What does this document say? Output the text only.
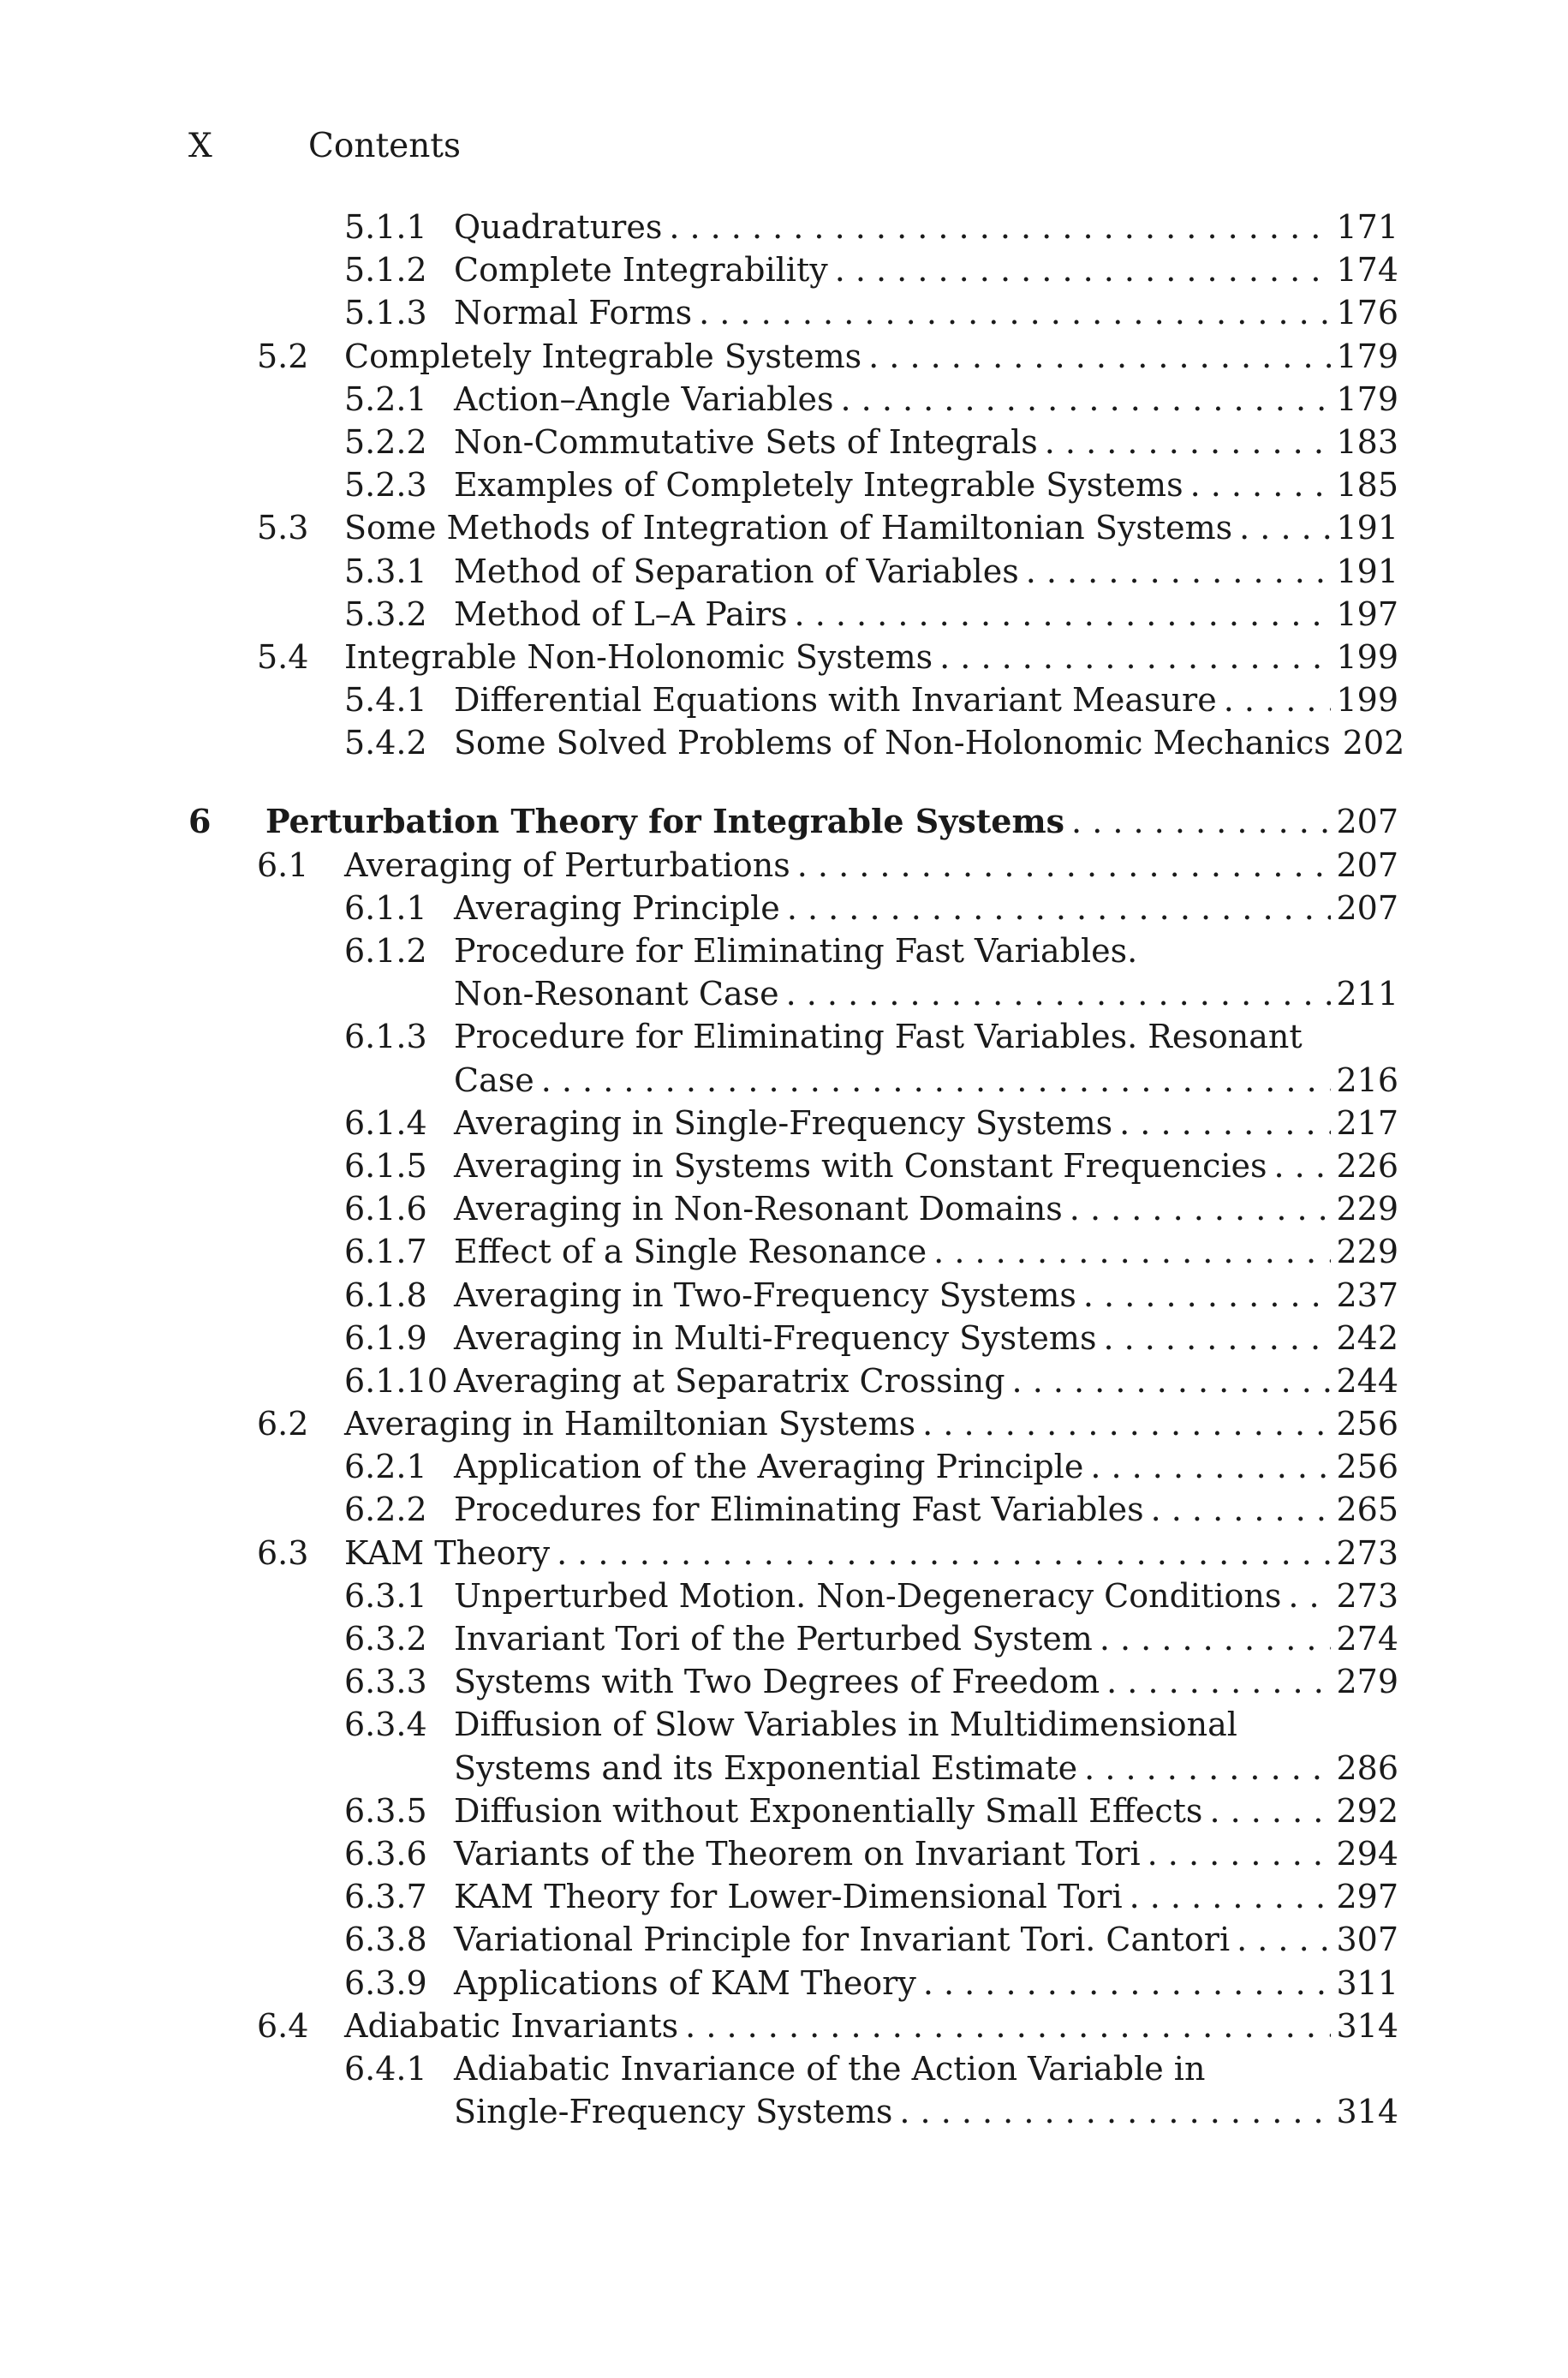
X	Contents
5.1.1 Quadratures . . .	171
5.1.2 Complete Integrability . . .	174
5.1.3 Normal Forms . . .	176
5.2 Completely Integrable Systems . . .	179
5.2.1 Action–Angle Variables . . .	179
5.2.2 Non-Commutative Sets of Integrals . . .	183
5.2.3 Examples of Completely Integrable Systems . . .	185
5.3 Some Methods of Integration of Hamiltonian Systems . . .	191
5.3.1 Method of Separation of Variables . . .	191
5.3.2 Method of L–A Pairs . . .	197
5.4 Integrable Non-Holonomic Systems . . .	199
5.4.1 Differential Equations with Invariant Measure . . .	199
5.4.2 Some Solved Problems of Non-Holonomic Mechanics 202
6 Perturbation Theory for Integrable Systems . . .	207
6.1 Averaging of Perturbations . . .	207
6.1.1 Averaging Principle . . .	207
6.1.2 Procedure for Eliminating Fast Variables.
Non-Resonant Case . . .	211
6.1.3 Procedure for Eliminating Fast Variables. Resonant
Case . . .	216
6.1.4 Averaging in Single-Frequency Systems . . .	217
6.1.5 Averaging in Systems with Constant Frequencies . . . 226
6.1.6 Averaging in Non-Resonant Domains . . .	229
6.1.7 Effect of a Single Resonance . . .	229
6.1.8 Averaging in Two-Frequency Systems . . .	237
6.1.9 Averaging in Multi-Frequency Systems . . .	242
6.1.10 Averaging at Separatrix Crossing . . .	244
6.2 Averaging in Hamiltonian Systems . . .	256
6.2.1 Application of the Averaging Principle . . .	256
6.2.2 Procedures for Eliminating Fast Variables . . .	265
6.3 KAM Theory . . .	273
6.3.1 Unperturbed Motion. Non-Degeneracy Conditions . . . 273
6.3.2 Invariant Tori of the Perturbed System . . .	274
6.3.3 Systems with Two Degrees of Freedom . . .	279
6.3.4 Diffusion of Slow Variables in Multidimensional
Systems and its Exponential Estimate . . .	286
6.3.5 Diffusion without Exponentially Small Effects . . .	292
6.3.6 Variants of the Theorem on Invariant Tori . . .	294
6.3.7 KAM Theory for Lower-Dimensional Tori . . .	297
6.3.8 Variational Principle for Invariant Tori. Cantori . . .	307
6.3.9 Applications of KAM Theory . . .	311
6.4 Adiabatic Invariants . . .	314
6.4.1 Adiabatic Invariance of the Action Variable in
Single-Frequency Systems . . .	314
